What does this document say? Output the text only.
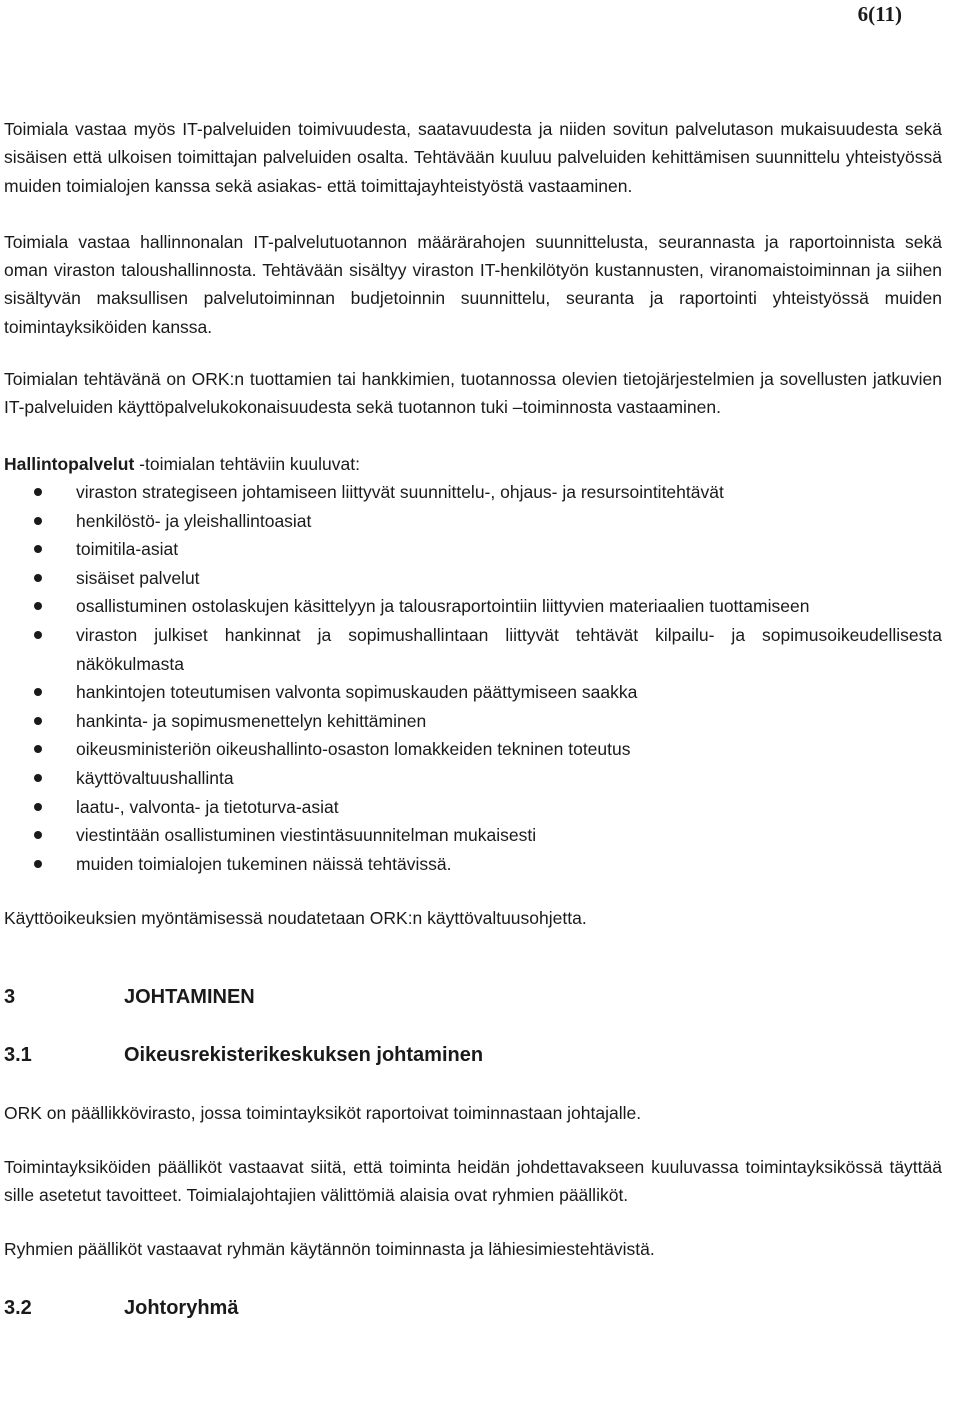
6(11)

Toimiala vastaa myös IT-palveluiden toimivuudesta, saatavuudesta ja niiden sovitun palvelutason mukaisuudesta sekä sisäisen että ulkoisen toimittajan palveluiden osalta. Tehtävään kuuluu palveluiden kehittämisen suunnittelu yhteistyössä muiden toimialojen kanssa sekä asiakas- että toimittajayhteistyöstä vastaaminen.

Toimiala vastaa hallinnonalan IT-palvelutuotannon määrärahojen suunnittelusta, seurannasta ja raportoinnista sekä oman viraston taloushallinnosta. Tehtävään sisältyy viraston IT-henkilötyön kustannusten, viranomaistoiminnan ja siihen sisältyvän maksullisen palvelutoiminnan budjetoinnin suunnittelu, seuranta ja raportointi yhteistyössä muiden toimintayksiköiden kanssa.

Toimialan tehtävänä on ORK:n tuottamien tai hankkimien, tuotannossa olevien tietojärjestelmien ja sovellusten jatkuvien IT-palveluiden käyttöpalvelukokonaisuudesta sekä tuotannon tuki –toiminnosta vastaaminen.

Hallintopalvelut -toimialan tehtäviin kuuluvat:

viraston strategiseen johtamiseen liittyvät suunnittelu-, ohjaus- ja resursointitehtävät
henkilöstö- ja yleishallintoasiat
toimitila-asiat
sisäiset palvelut
osallistuminen ostolaskujen käsittelyyn ja talousraportointiin liittyvien materiaalien tuottamiseen
viraston julkiset hankinnat ja sopimushallintaan liittyvät tehtävät kilpailu- ja sopimusoikeudellisesta näkökulmasta
hankintojen toteutumisen valvonta sopimuskauden päättymiseen saakka
hankinta- ja sopimusmenettelyn kehittäminen
oikeusministeriön oikeushallinto-osaston lomakkeiden tekninen toteutus
käyttövaltuushallinta
laatu-, valvonta- ja tietoturva-asiat
viestintään osallistuminen viestintäsuunnitelman mukaisesti
muiden toimialojen tukeminen näissä tehtävissä.

Käyttöoikeuksien myöntämisessä noudatetaan ORK:n käyttövaltuusohjetta.

3	JOHTAMINEN
3.1	Oikeusrekisterikeskuksen johtaminen

ORK on päällikkövirasto, jossa toimintayksiköt raportoivat toiminnastaan johtajalle.

Toimintayksiköiden päälliköt vastaavat siitä, että toiminta heidän johdettavakseen kuuluvassa toimintayksikössä täyttää sille asetetut tavoitteet. Toimialajohtajien välittömiä alaisia ovat ryhmien päälliköt.

Ryhmien päälliköt vastaavat ryhmän käytännön toiminnasta ja lähiesimiestehtävistä.

3.2	Johtoryhmä
